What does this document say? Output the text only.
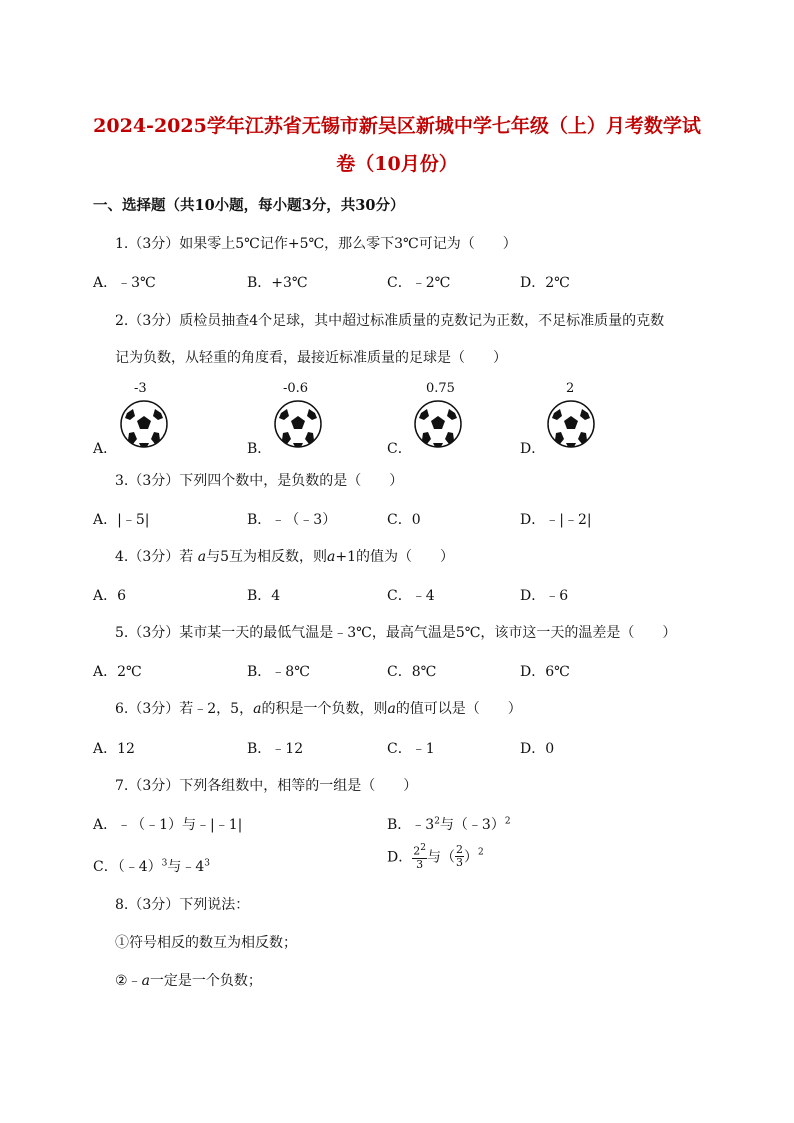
2024-2025学年江苏省无锡市新吴区新城中学七年级（上）月考数学试
卷（10月份）
一、选择题（共10小题，每小题3分，共30分）
1.（3分）如果零上5℃记作+5℃，那么零下3℃可记为（　　）
A．﹣3℃	B．+3℃	C．﹣2℃	D．2℃
2.（3分）质检员抽查4个足球，其中超过标准质量的克数记为正数，不足标准质量的克数
记为负数，从轻重的角度看，最接近标准质量的足球是（　　）
-3	-0.6	0.75	2
A．	B．	C．	D．
3.（3分）下列四个数中，是负数的是（　　）
A．|﹣5|	B．﹣（﹣3）	C．0	D．﹣|﹣2|
4.（3分）若 a与5互为相反数，则a+1的值为（　　）
A．6	B．4	C．﹣4	D．﹣6
5.（3分）某市某一天的最低气温是﹣3℃，最高气温是5℃，该市这一天的温差是（　　）
A．2℃	B．﹣8℃	C．8℃	D．6℃
6.（3分）若﹣2，5，a的积是一个负数，则a的值可以是（　　）
A．12	B．﹣12	C．﹣1	D．0
7.（3分）下列各组数中，相等的一组是（　　）
A．﹣（﹣1）与﹣|﹣1|	B．$﹣3^2$与（﹣3）$^2$
C．（﹣4）$^3$与$﹣4^3$	D． $\frac{2^2}{3}$ 与（ $\frac{2}{3} )^2$
8.（3分）下列说法：
①符号相反的数互为相反数；
②﹣a一定是一个负数；
